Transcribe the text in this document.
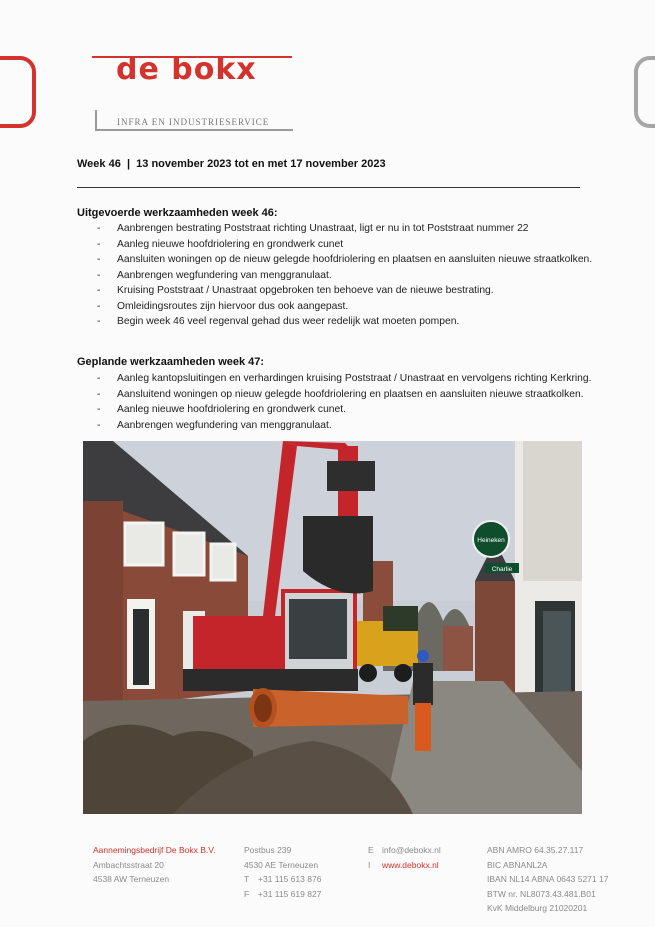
de bokx
INFRA EN INDUSTRIESERVICE
Week 46 | 13 november 2023 tot en met 17 november 2023
Uitgevoerde werkzaamheden week 46:
- Aanbrengen bestrating Poststraat richting Unastraat, ligt er nu in tot Poststraat nummer 22
- Aanleg nieuwe hoofdriolering en grondwerk cunet
- Aansluiten woningen op de nieuw gelegde hoofdriolering en plaatsen en aansluiten nieuwe straatkolken.
- Aanbrengen wegfundering van menggranulaat.
- Kruising Poststraat / Unastraat opgebroken ten behoeve van de nieuwe bestrating.
- Omleidingsroutes zijn hiervoor dus ook aangepast.
- Begin week 46 veel regenval gehad dus weer redelijk wat moeten pompen.
Geplande werkzaamheden week 47:
- Aanleg kantopsluitingen en verhardingen kruising Poststraat / Unastraat en vervolgens richting Kerkring.
- Aansluitend woningen op nieuw gelegde hoofdriolering en plaatsen en aansluiten nieuwe straatkolken.
- Aanleg nieuwe hoofdriolering en grondwerk cunet.
- Aanbrengen wegfundering van menggranulaat.
Heineken
Charlie
Aannemingsbedrijf De Bokx B.V.
Ambachtsstraat 20
4538 AW Terneuzen
Postbus 239
4530 AE Terneuzen
T +31 115 613 876
F +31 115 619 827
E info@debokx.nl
I www.debokx.nl
ABN AMRO 64.35.27.117
BIC ABNANL2A
IBAN NL14 ABNA 0643 5271 17
BTW nr. NL8073.43.481.B01
KvK Middelburg 21020201
